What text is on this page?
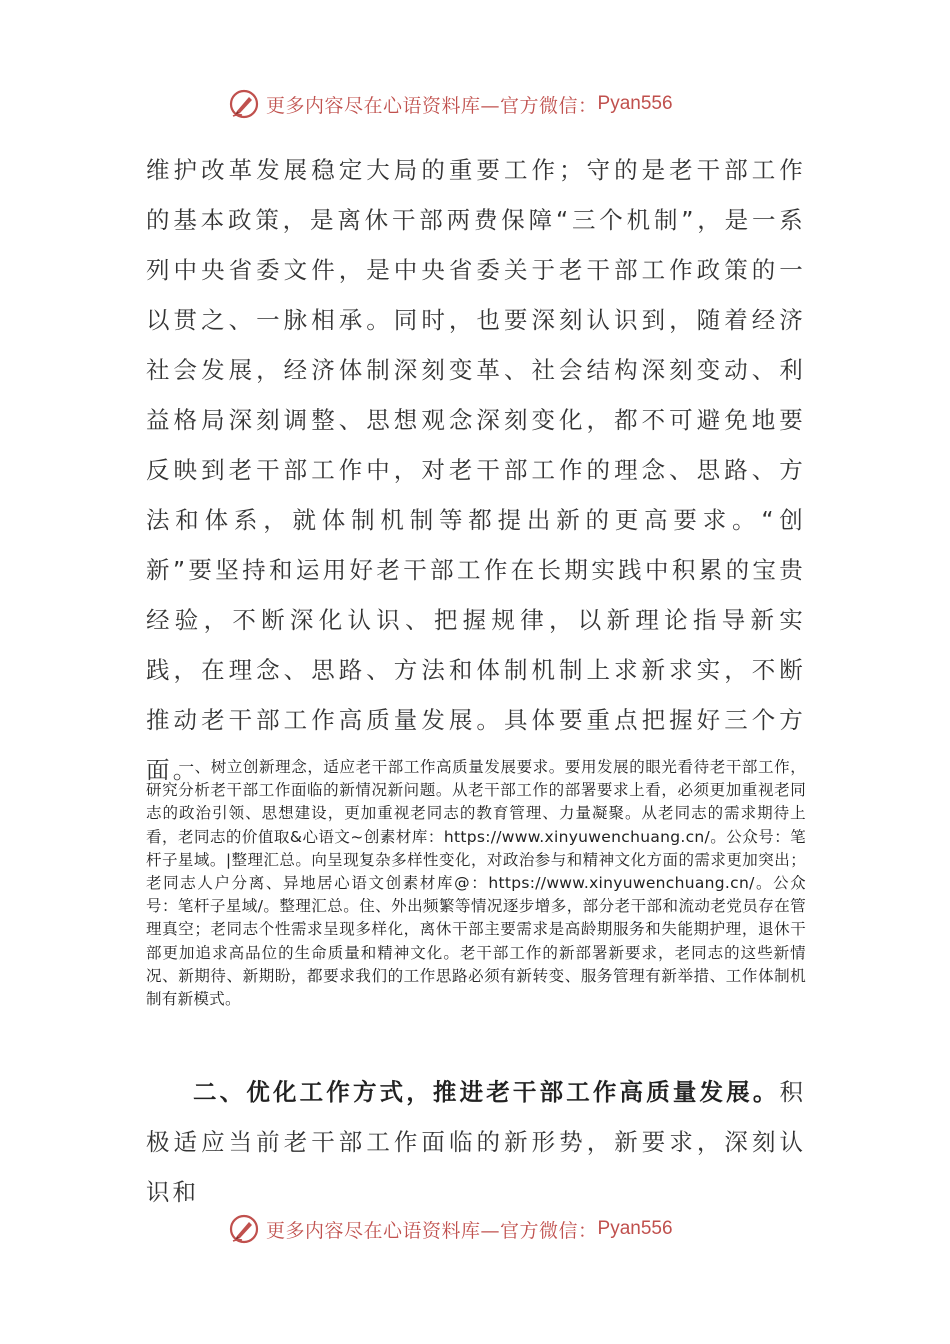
更多内容尽在心语资料库—官方微信： Pyan556

维护改革发展稳定大局的重要工作；守的是老干部工作的基本政策，是离休干部两费保障“三个机制”，是一系列中央省委文件，是中央省委关于老干部工作政策的一以贯之、一脉相承。同时，也要深刻认识到，随着经济社会发展，经济体制深刻变革、社会结构深刻变动、利益格局深刻调整、思想观念深刻变化，都不可避免地要反映到老干部工作中，对老干部工作的理念、思路、方法和体系，就体制机制等都提出新的更高要求。“创新”要坚持和运用好老干部工作在长期实践中积累的宝贵经验，不断深化认识、把握规律，以新理论指导新实践，在理念、思路、方法和体制机制上求新求实，不断推动老干部工作高质量发展。具体要重点把握好三个方面。

一、树立创新理念，适应老干部工作高质量发展要求。要用发展的眼光看待老干部工作，研究分析老干部工作面临的新情况新问题。从老干部工作的部署要求上看，必须更加重视老同志的政治引领、思想建设，更加重视老同志的教育管理、力量凝聚。从老同志的需求期待上看，老同志的价值取&心语文~创素材库：https://www.xinyuwenchuang.cn/。公众号：笔杆子星域。|整理汇总。向呈现复杂多样性变化，对政治参与和精神文化方面的需求更加突出；老同志人户分离、异地居心语文创素材库@：https://www.xinyuwenchuang.cn/。公众号：笔杆子星域/。整理汇总。住、外出频繁等情况逐步增多，部分老干部和流动老党员存在管理真空；老同志个性需求呈现多样化，离休干部主要需求是高龄期服务和失能期护理，退休干部更加追求高品位的生命质量和精神文化。老干部工作的新部署新要求，老同志的这些新情况、新期待、新期盼，都要求我们的工作思路必须有新转变、服务管理有新举措、工作体制机制有新模式。

二、优化工作方式，推进老干部工作高质量发展。积极适应当前老干部工作面临的新形势，新要求，深刻认识和

更多内容尽在心语资料库—官方微信： Pyan556
